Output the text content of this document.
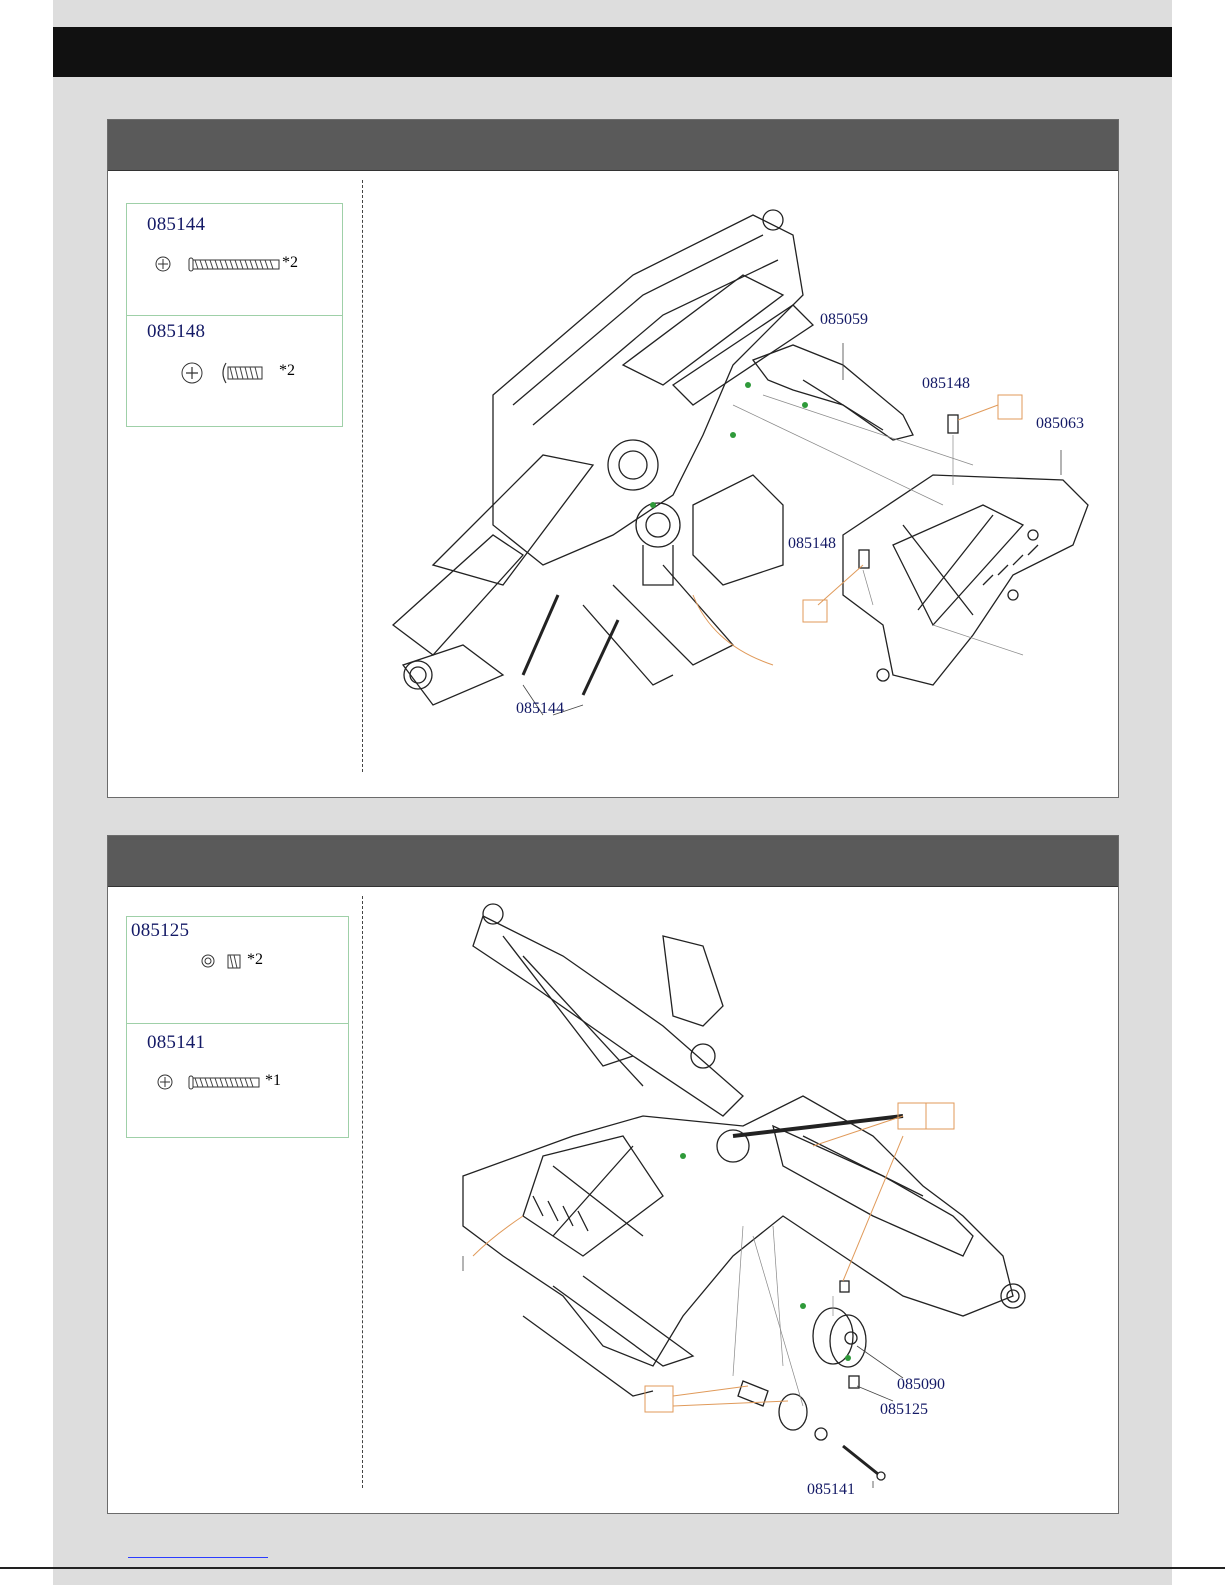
085144
*2
085148
*2
085059
085148
085063
085148
085144
085125
*2
085141
*1
085090
085125
085141
